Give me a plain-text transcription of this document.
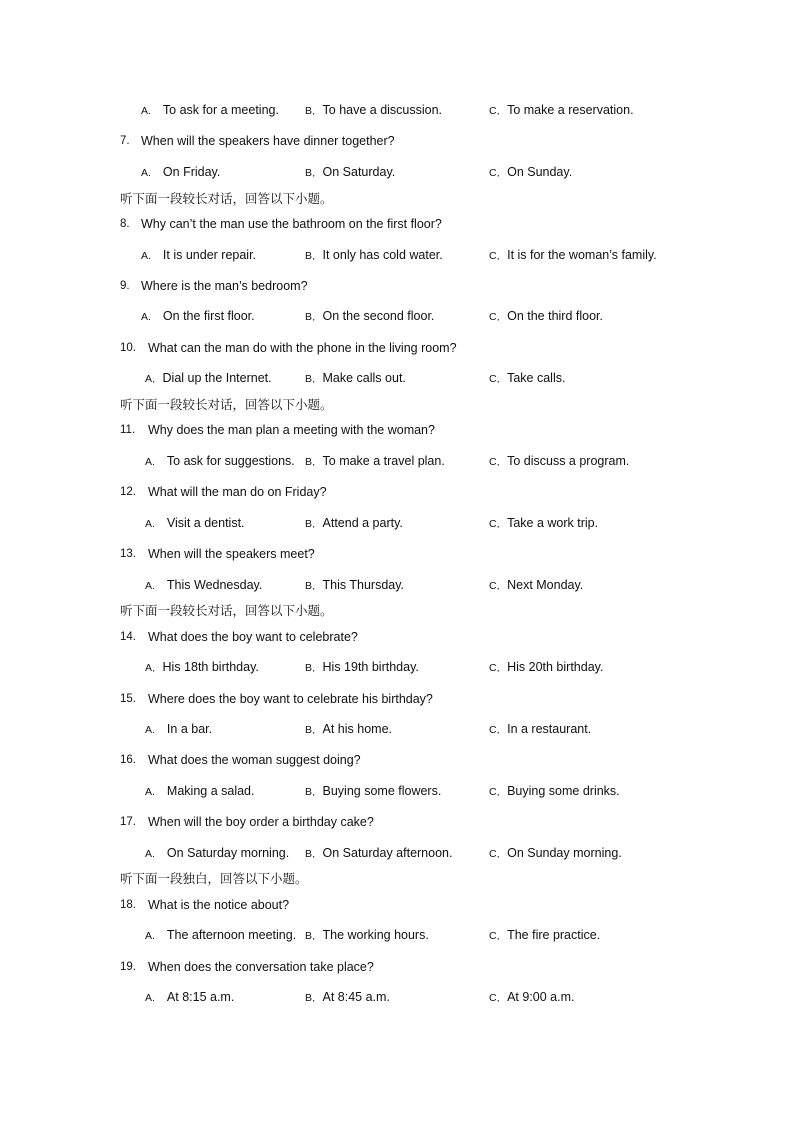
A. To ask for a meeting. B．To have a discussion.	C．To make a reservation.
7. When will the speakers have dinner together?
A. On Friday.	B．On Saturday.	C．On Sunday.
听下面一段较长对话，回答以下小题。
8. Why can’t the man use the bathroom on the first floor?
A. It is under repair.	B．It only has cold water.	C．It is for the woman’s family.
9. Where is the man’s bedroom?
A. On the first floor.	B．On the second floor.	C．On the third floor.
10. What can the man do with the phone in the living room?
A．Dial up the Internet.	B．Make calls out.	C．Take calls.
听下面一段较长对话，回答以下小题。
11. Why does the man plan a meeting with the woman?
A. To ask for suggestions. B．To make a travel plan.	C．To discuss a program.
12. What will the man do on Friday?
A. Visit a dentist.	B．Attend a party.	C．Take a work trip.
13. When will the speakers meet?
A. This Wednesday.	B．This Thursday.	C．Next Monday.
听下面一段较长对话，回答以下小题。
14. What does the boy want to celebrate?
A．His 18th birthday.	B．His 19th birthday.	C．His 20th birthday.
15. Where does the boy want to celebrate his birthday?
A. In a bar.	B．At his home.	C．In a restaurant.
16. What does the woman suggest doing?
A. Making a salad.	B．Buying some flowers.	C．Buying some drinks.
17. When will the boy order a birthday cake?
A. On Saturday morning. B．On Saturday afternoon.	C．On Sunday morning.
听下面一段独白，回答以下小题。
18. What is the notice about?
A. The afternoon meeting. B．The working hours.	C．The fire practice.
19. When does the conversation take place?
A. At 8:15 a.m.	B．At 8:45 a.m.	C．At 9:00 a.m.
